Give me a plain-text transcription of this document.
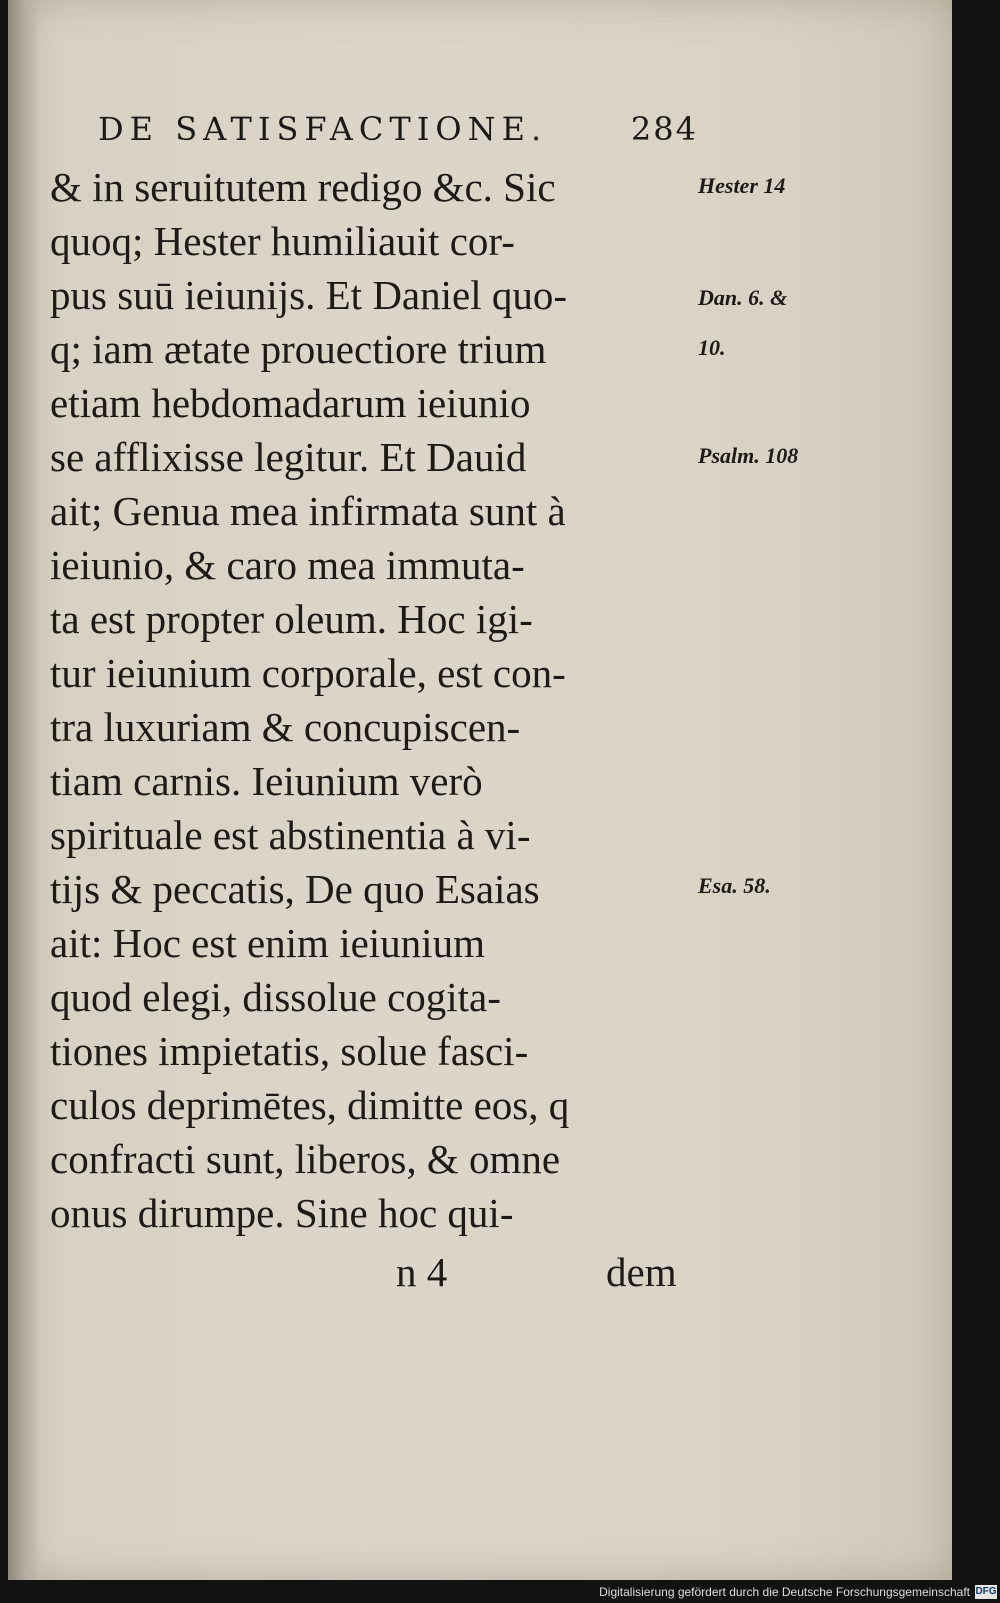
DE SATISFACTIONE.	284
& in seruitutem redigo &c. Sic
quoq; Hester humiliauit cor-
pus suū ieiunijs. Et Daniel quo-
q; iam ætate prouectiore trium
etiam hebdomadarum ieiunio
se afflixisse legitur. Et Dauid
ait; Genua mea infirmata sunt à
ieiunio, & caro mea immuta-
ta est propter oleum. Hoc igi-
tur ieiunium corporale, est con-
tra luxuriam & concupiscen-
tiam carnis. Ieiunium verò
spirituale est abstinentia à vi-
tijs & peccatis, De quo Esaias
ait: Hoc est enim ieiunium
quod elegi, dissolue cogita-
tiones impietatis, solue fasci-
culos deprimētes, dimitte eos, q
confracti sunt, liberos, & omne
onus dirumpe. Sine hoc qui-
Hester 14
Dan. 6. &
10.
Psalm. 108
Esa. 58.
n 4	dem
Digitalisierung gefördert durch die Deutsche Forschungsgemeinschaft DFG
